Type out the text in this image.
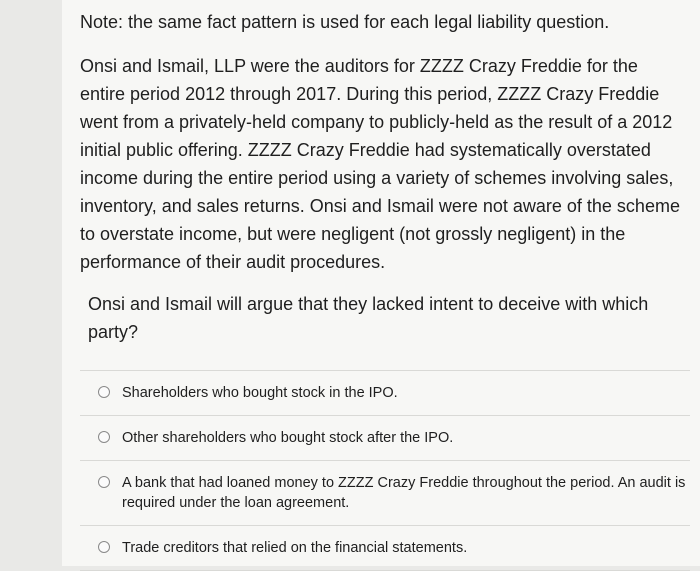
Note: the same fact pattern is used for each legal liability question.

Onsi and Ismail, LLP were the auditors for ZZZZ Crazy Freddie for the entire period 2012 through 2017. During this period, ZZZZ Crazy Freddie went from a privately-held company to publicly-held as the result of a 2012 initial public offering. ZZZZ Crazy Freddie had systematically overstated income during the entire period using a variety of schemes involving sales, inventory, and sales returns. Onsi and Ismail were not aware of the scheme to overstate income, but were negligent (not grossly negligent) in the performance of their audit procedures.

Onsi and Ismail will argue that they lacked intent to deceive with which party?

Shareholders who bought stock in the IPO.
Other shareholders who bought stock after the IPO.
A bank that had loaned money to ZZZZ Crazy Freddie throughout the period. An audit is required under the loan agreement.
Trade creditors that relied on the financial statements.
